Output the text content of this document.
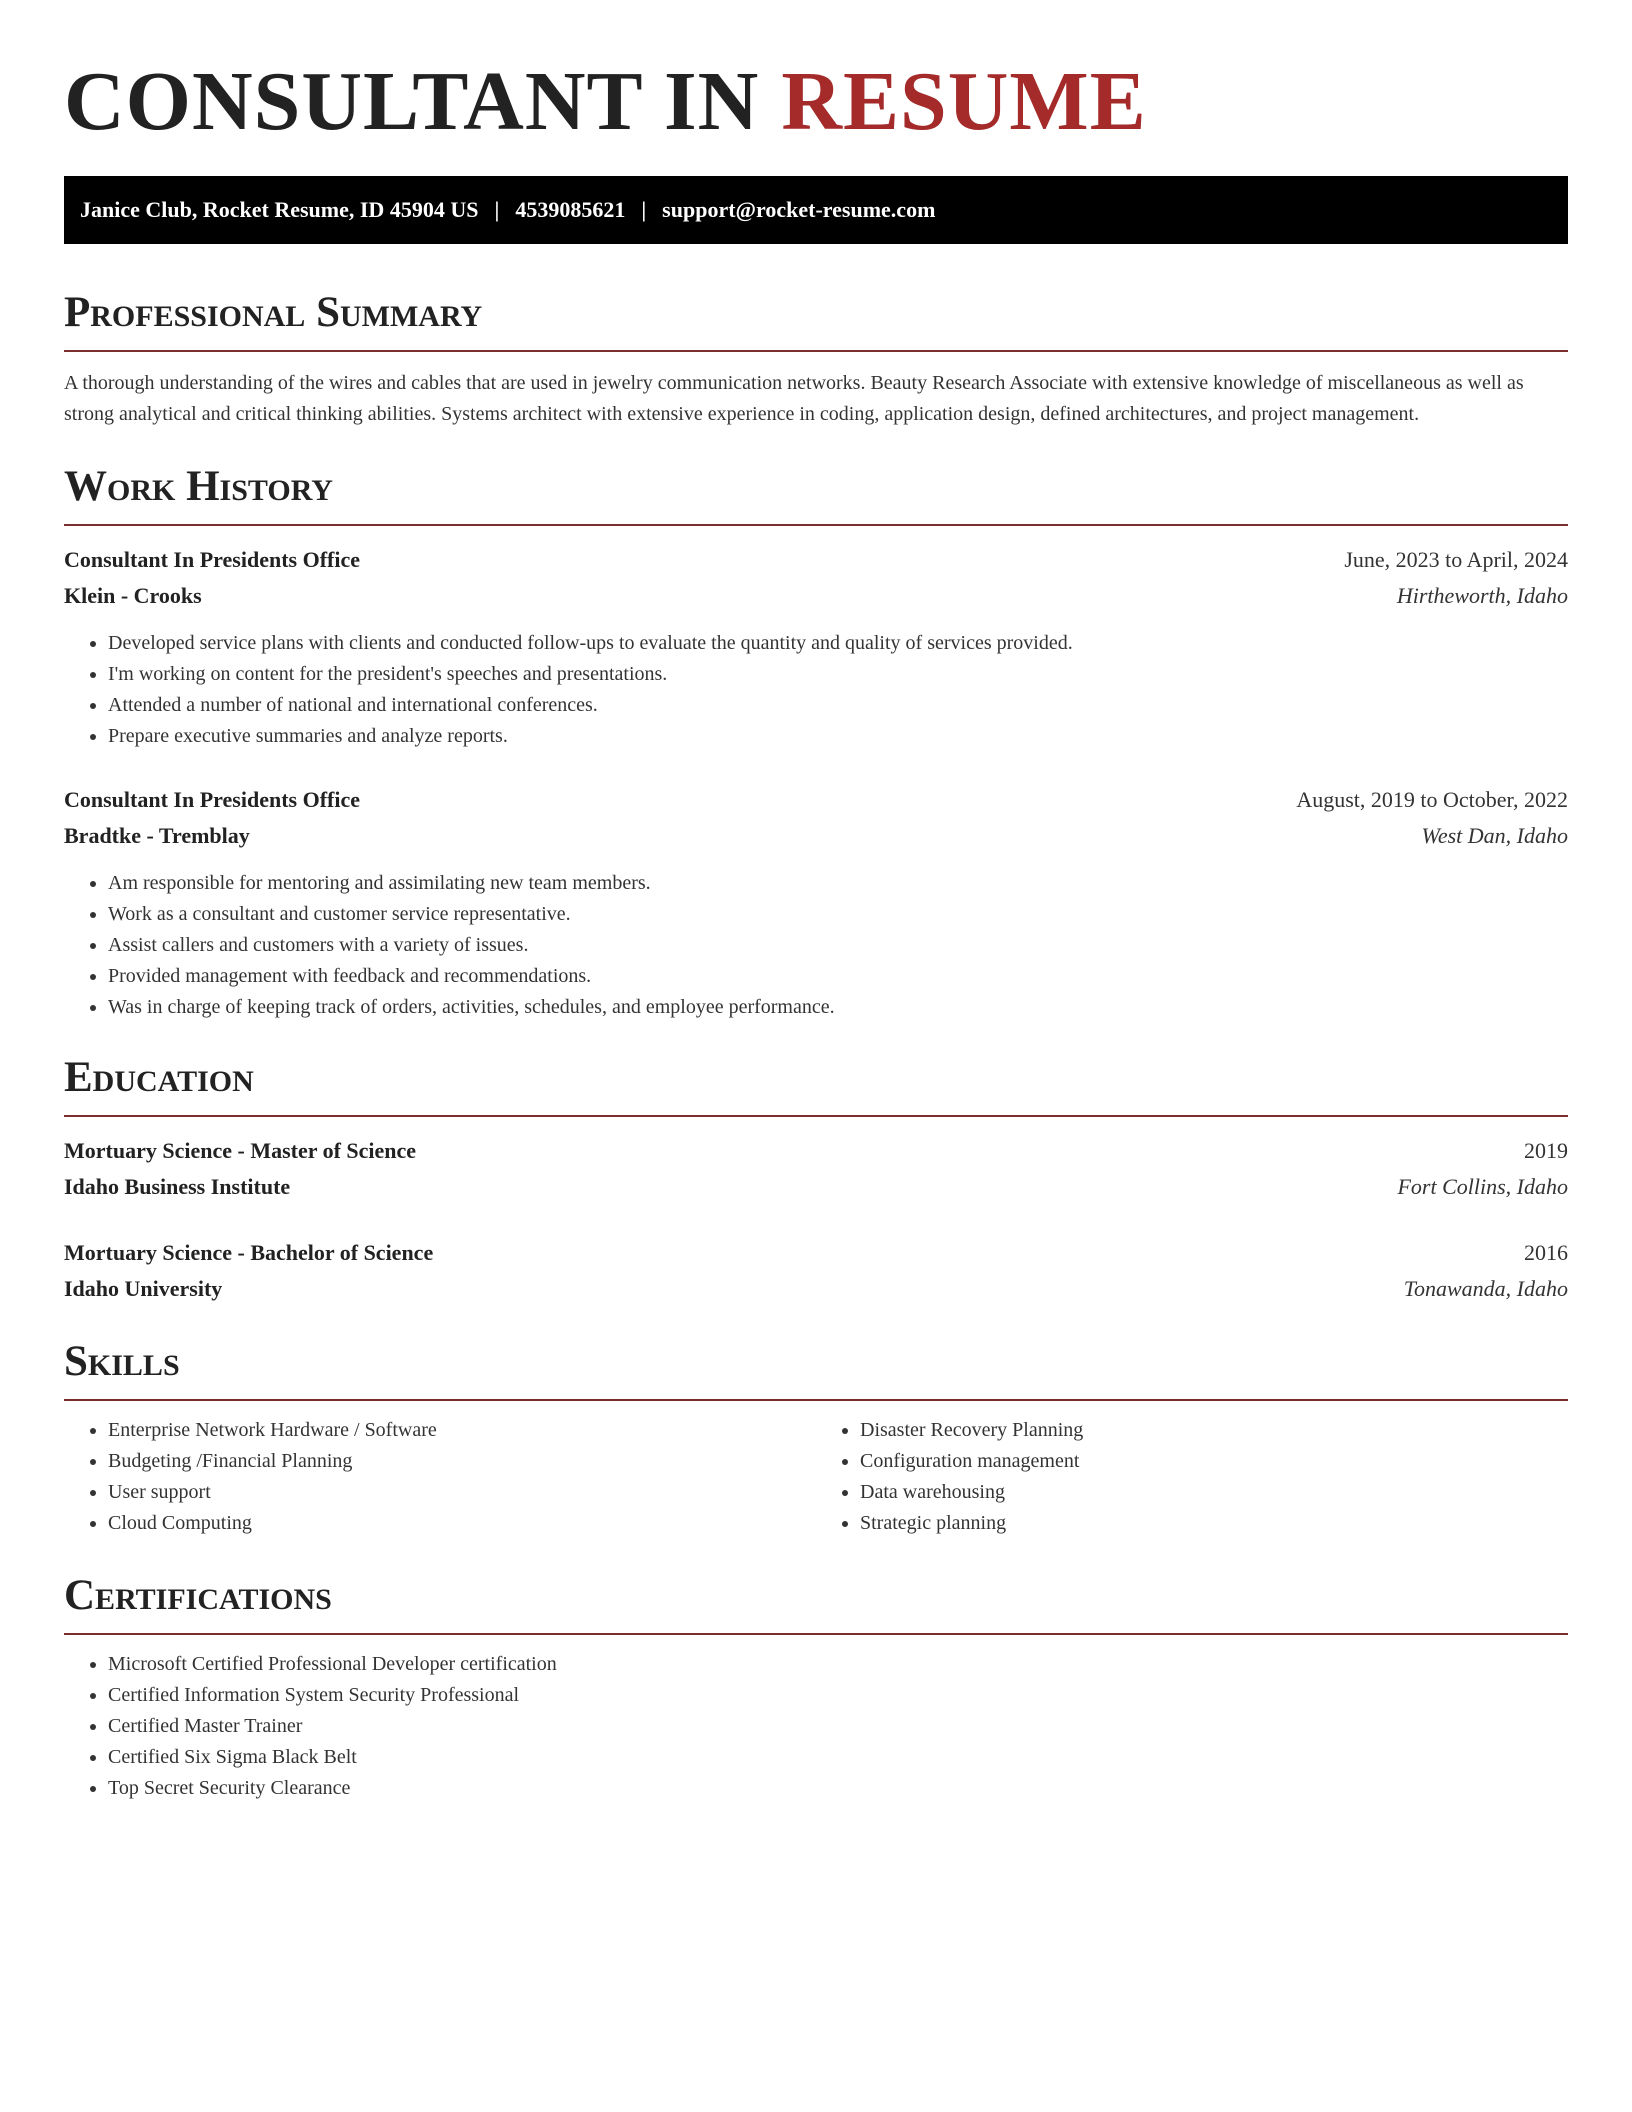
CONSULTANT IN RESUME
Janice Club, Rocket Resume, ID 45904 US | 4539085621 | support@rocket-resume.com
Professional Summary

A thorough understanding of the wires and cables that are used in jewelry communication networks. Beauty Research Associate with extensive knowledge of miscellaneous as well as strong analytical and critical thinking abilities. Systems architect with extensive experience in coding, application design, defined architectures, and project management.

Work History
Consultant In Presidents Office	June, 2023 to April, 2024
Klein - Crooks	Hirtheworth, Idaho
• Developed service plans with clients and conducted follow-ups to evaluate the quantity and quality of services provided.
• I'm working on content for the president's speeches and presentations.
• Attended a number of national and international conferences.
• Prepare executive summaries and analyze reports.
Consultant In Presidents Office	August, 2019 to October, 2022
Bradtke - Tremblay	West Dan, Idaho
• Am responsible for mentoring and assimilating new team members.
• Work as a consultant and customer service representative.
• Assist callers and customers with a variety of issues.
• Provided management with feedback and recommendations.
• Was in charge of keeping track of orders, activities, schedules, and employee performance.
Education
Mortuary Science - Master of Science	2019
Idaho Business Institute	Fort Collins, Idaho
Mortuary Science - Bachelor of Science	2016
Idaho University	Tonawanda, Idaho
Skills
• Enterprise Network Hardware / Software
• Budgeting /Financial Planning
• User support
• Cloud Computing
• Disaster Recovery Planning
• Configuration management
• Data warehousing
• Strategic planning
Certifications
• Microsoft Certified Professional Developer certification
• Certified Information System Security Professional
• Certified Master Trainer
• Certified Six Sigma Black Belt
• Top Secret Security Clearance
